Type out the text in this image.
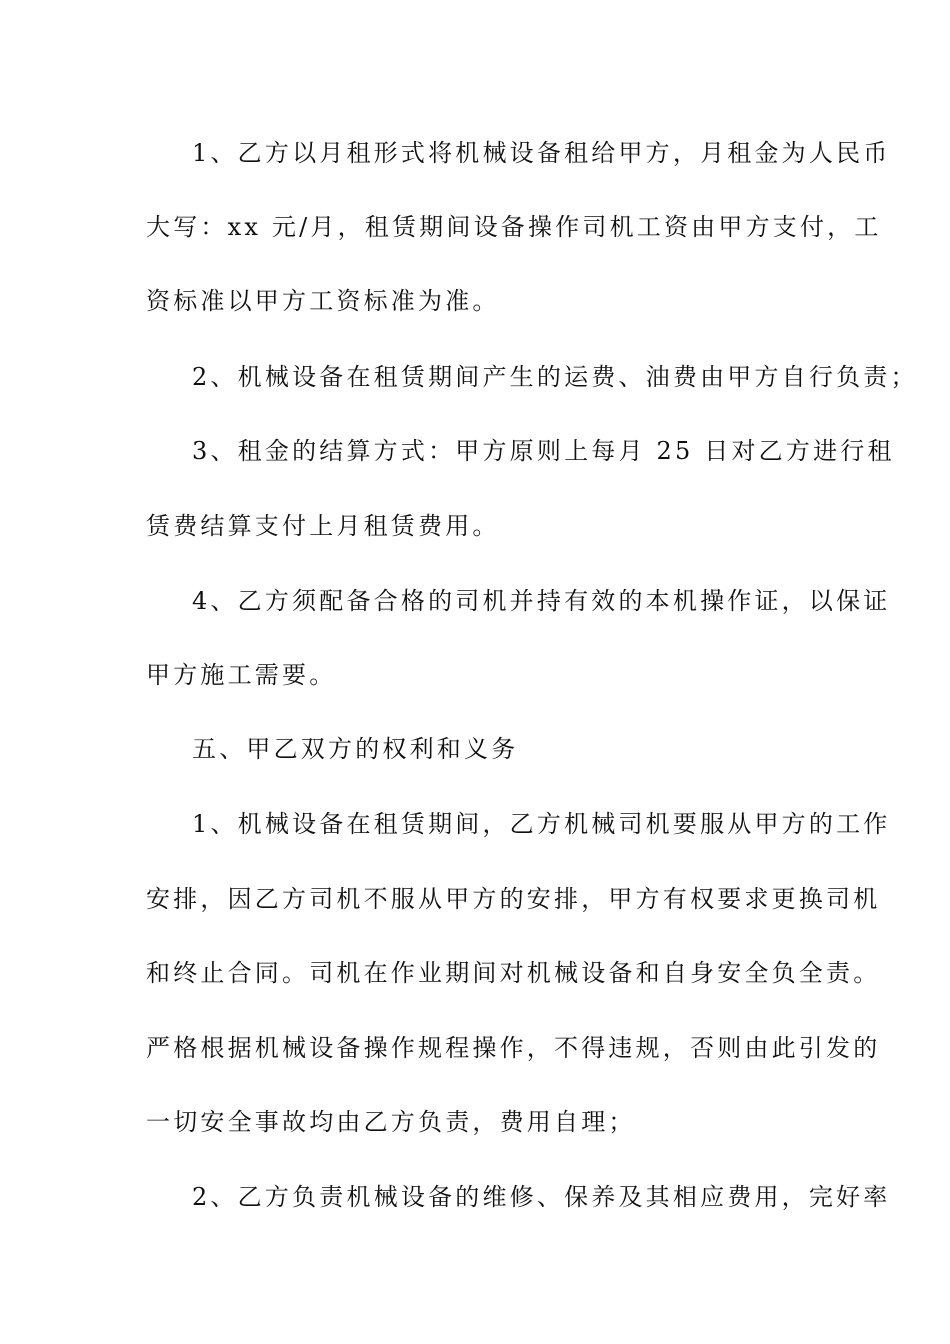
1、乙方以月租形式将机械设备租给甲方，月租金为人民币
大写：xx 元/月，租赁期间设备操作司机工资由甲方支付，工
资标准以甲方工资标准为准。
2、机械设备在租赁期间产生的运费、油费由甲方自行负责；
3、租金的结算方式：甲方原则上每月 25 日对乙方进行租
赁费结算支付上月租赁费用。
4、乙方须配备合格的司机并持有效的本机操作证，以保证
甲方施工需要。
五、甲乙双方的权利和义务
1、机械设备在租赁期间，乙方机械司机要服从甲方的工作
安排，因乙方司机不服从甲方的安排，甲方有权要求更换司机
和终止合同。司机在作业期间对机械设备和自身安全负全责。
严格根据机械设备操作规程操作，不得违规，否则由此引发的
一切安全事故均由乙方负责，费用自理；
2、乙方负责机械设备的维修、保养及其相应费用，完好率
